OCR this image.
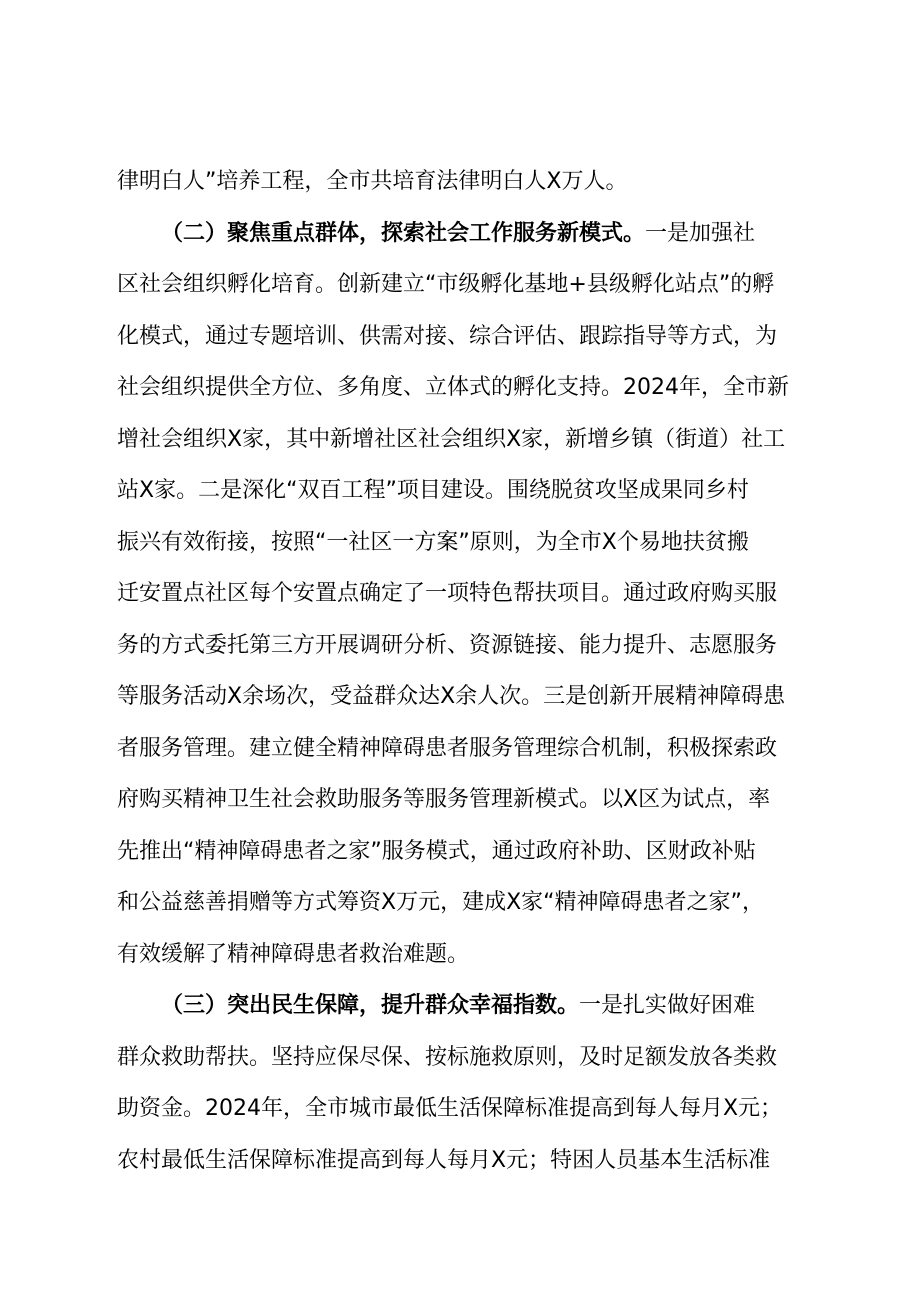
律明白人”培养工程，全市共培育法律明白人X万人。
（二）聚焦重点群体，探索社会工作服务新模式。一是加强社
区社会组织孵化培育。创新建立“市级孵化基地+县级孵化站点”的孵
化模式，通过专题培训、供需对接、综合评估、跟踪指导等方式，为
社会组织提供全方位、多角度、立体式的孵化支持。2024年，全市新
增社会组织X家，其中新增社区社会组织X家，新增乡镇（街道）社工
站X家。二是深化“双百工程”项目建设。围绕脱贫攻坚成果同乡村
振兴有效衔接，按照“一社区一方案”原则，为全市X个易地扶贫搬
迁安置点社区每个安置点确定了一项特色帮扶项目。通过政府购买服
务的方式委托第三方开展调研分析、资源链接、能力提升、志愿服务
等服务活动X余场次，受益群众达X余人次。三是创新开展精神障碍患
者服务管理。建立健全精神障碍患者服务管理综合机制，积极探索政
府购买精神卫生社会救助服务等服务管理新模式。以X区为试点，率
先推出“精神障碍患者之家”服务模式，通过政府补助、区财政补贴
和公益慈善捐赠等方式筹资X万元，建成X家“精神障碍患者之家”，
有效缓解了精神障碍患者救治难题。
（三）突出民生保障，提升群众幸福指数。一是扎实做好困难
群众救助帮扶。坚持应保尽保、按标施救原则，及时足额发放各类救
助资金。2024年，全市城市最低生活保障标准提高到每人每月X元；
农村最低生活保障标准提高到每人每月X元；特困人员基本生活标准
